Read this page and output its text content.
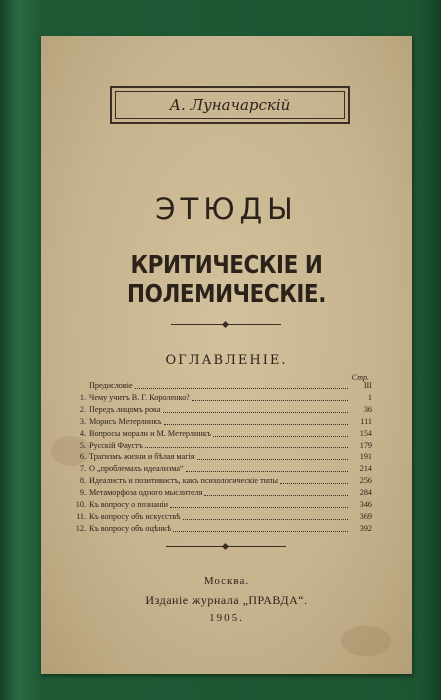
А. Луначарскій
ЭТЮДЫ
КРИТИЧЕСКІЕ И ПОЛЕМИЧЕСКІЕ.
ОГЛАВЛЕНІЕ.
Стр.
Предисловіе	III
1. Чему учитъ В. Г. Короленко?	1
2. Передъ лицомъ рока	36
3. Морисъ Метерлинкъ	111
4. Вопросы морали и М. Метерлинкъ	154
5. Русскій Фаустъ	179
6. Трагизмъ жизни и бѣлая магія	191
7. О „проблемахъ идеализма“	214
8. Идеалистъ и позитивистъ, какъ психологическіе типы	256
9. Метаморфоза одного мыслителя	284
10. Къ вопросу о познаніи	346
11. Къ вопросу объ искусствѣ	369
12. Къ вопросу объ оцѣнкѣ	392
Москва.
Изданіе журнала „ПРАВДА“.
1905.
